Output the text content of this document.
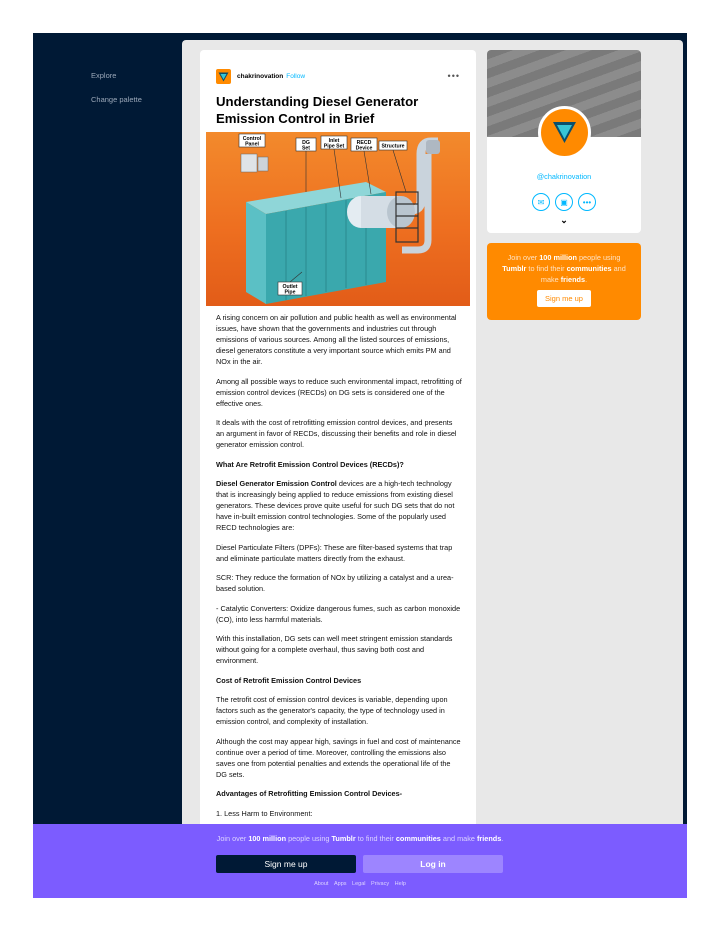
Explore
Change palette
chakrinovation Follow	•••
Understanding Diesel Generator Emission Control in Brief
Control
Panel	DG
Set
Inlet
Pipe Set
RECD
Device Structure
Outlet
Pipe

A rising concern on air pollution and public health as well as environmental issues, have shown that the governments and industries cut through emissions of various sources. Among all the listed sources of emissions, diesel generators constitute a very important source which emits PM and NOx in the air.

Among all possible ways to reduce such environmental impact, retrofitting of emission control devices (RECDs) on DG sets is considered one of the effective ones.

It deals with the cost of retrofitting emission control devices, and presents an argument in favor of RECDs, discussing their benefits and role in diesel generator emission control.

What Are Retrofit Emission Control Devices (RECDs)?

Diesel Generator Emission Control devices are a high-tech technology that is increasingly being applied to reduce emissions from existing diesel generators. These devices prove quite useful for such DG sets that do not have in-built emission control technologies. Some of the popularly used RECD technologies are:

Diesel Particulate Filters (DPFs): These are filter-based systems that trap and eliminate particulate matters directly from the exhaust.

SCR: They reduce the formation of NOx by utilizing a catalyst and a urea-based solution.

- Catalytic Converters: Oxidize dangerous fumes, such as carbon monoxide (CO), into less harmful materials.

With this installation, DG sets can well meet stringent emission standards without going for a complete overhaul, thus saving both cost and environment.

Cost of Retrofit Emission Control Devices

The retrofit cost of emission control devices is variable, depending upon factors such as the generator's capacity, the type of technology used in emission control, and complexity of installation.

Although the cost may appear high, savings in fuel and cost of maintenance continue over a period of time. Moreover, controlling the emissions also saves one from potential penalties and extends the operational life of the DG sets.

Advantages of Retrofitting Emission Control Devices-

1. Less Harm to Environment:

@chakrinovation
✉	▣	•••
⌄
Join over 100 million people using Tumblr to find their communities and make friends.
Sign me up
Join over 100 million people using Tumblr to find their communities and make friends.
Sign me up	Log in
About Apps Legal Privacy Help
